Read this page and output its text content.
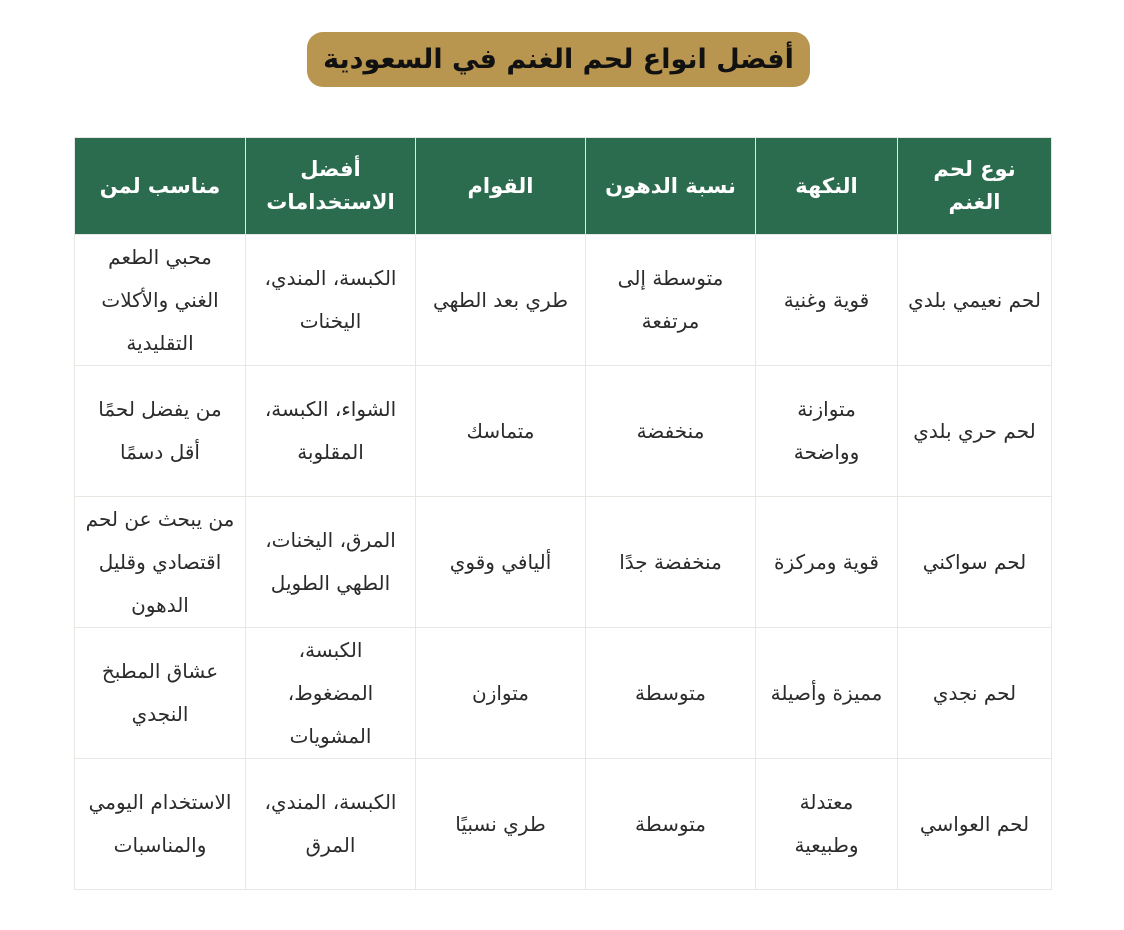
أفضل انواع لحم الغنم في السعودية
نوع لحم الغنم	النكهة	نسبة الدهون	القوام	أفضل الاستخدامات	مناسب لمن
لحم نعيمي بلدي	قوية وغنية	متوسطة إلى مرتفعة	طري بعد الطهي	الكبسة، المندي، اليخنات	محبي الطعم الغني والأكلات التقليدية
لحم حري بلدي	متوازنة وواضحة	منخفضة	متماسك	الشواء، الكبسة، المقلوبة	من يفضل لحمًا أقل دسمًا
لحم سواكني	قوية ومركزة	منخفضة جدًا	أليافي وقوي	المرق، اليخنات، الطهي الطويل	من يبحث عن لحم اقتصادي وقليل الدهون
لحم نجدي	مميزة وأصيلة	متوسطة	متوازن	الكبسة، المضغوط، المشويات	عشاق المطبخ النجدي
لحم العواسي	معتدلة وطبيعية	متوسطة	طري نسبيًا	الكبسة، المندي، المرق	الاستخدام اليومي والمناسبات
